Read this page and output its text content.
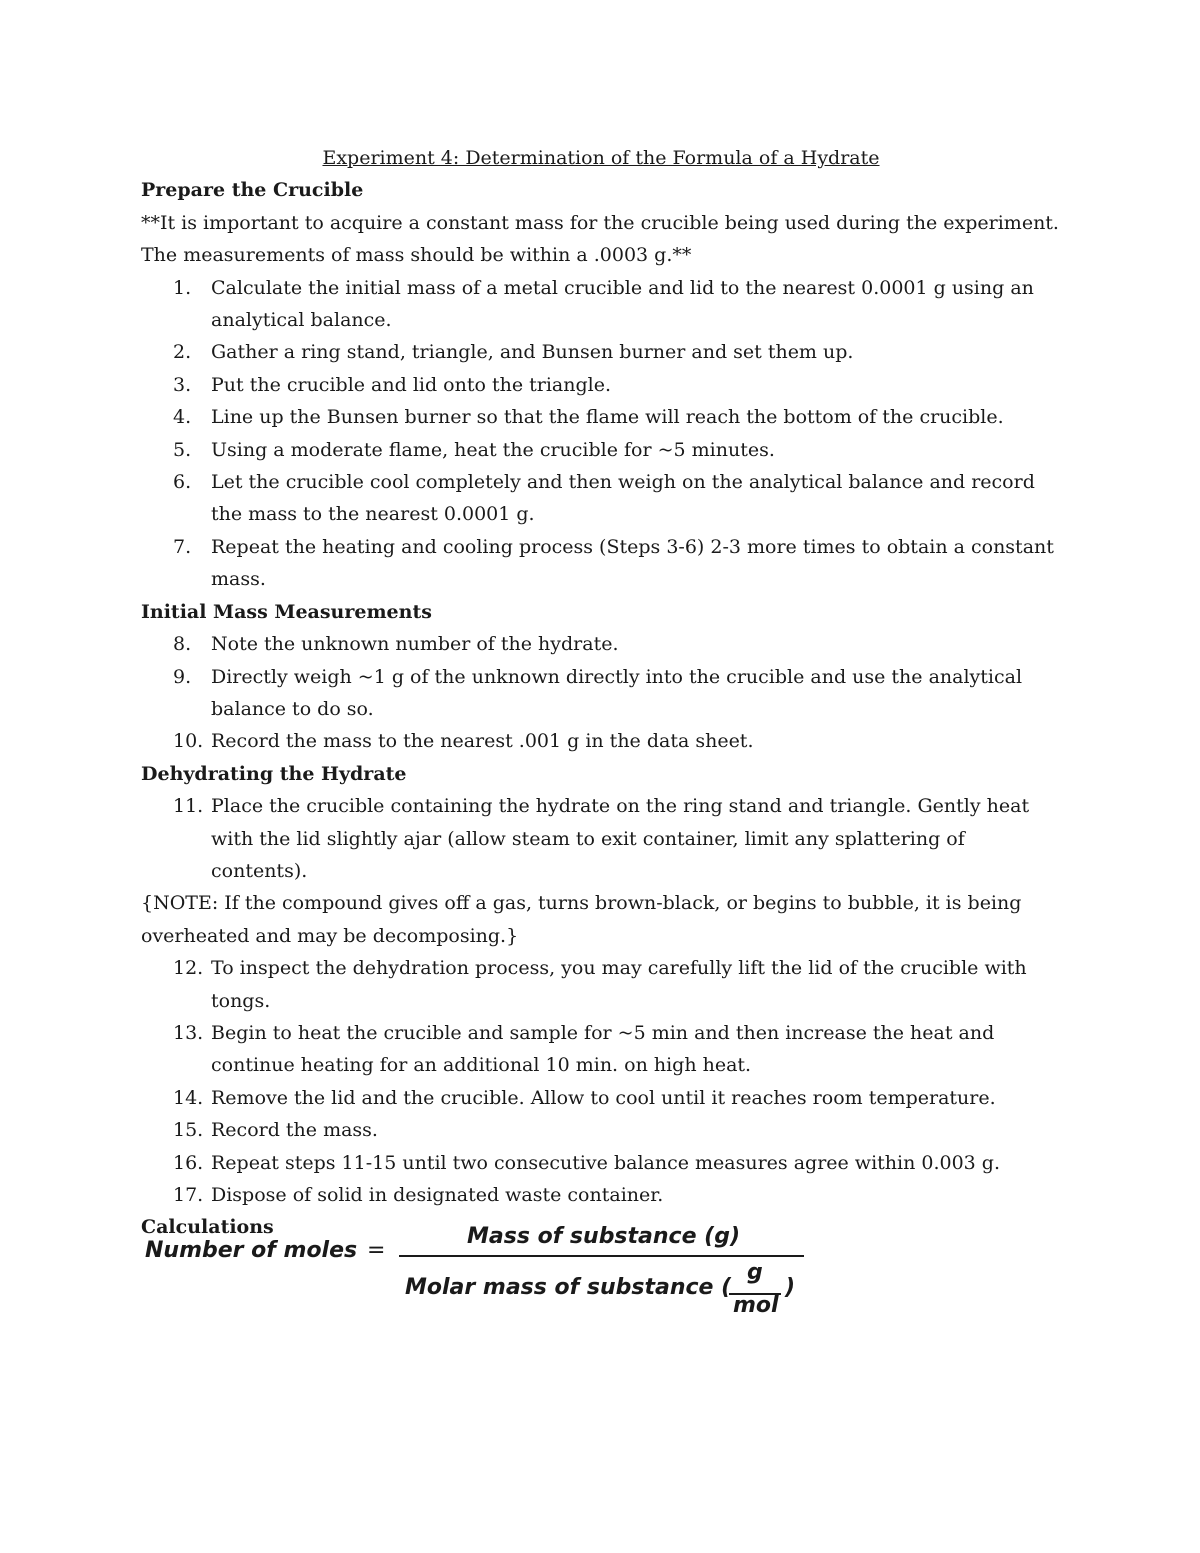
Experiment 4: Determination of the Formula of a Hydrate

Prepare the Crucible

**It is important to acquire a constant mass for the crucible being used during the experiment. The measurements of mass should be within a .0003 g.**

1. Calculate the initial mass of a metal crucible and lid to the nearest 0.0001 g using an analytical balance.
2. Gather a ring stand, triangle, and Bunsen burner and set them up.
3. Put the crucible and lid onto the triangle.
4. Line up the Bunsen burner so that the flame will reach the bottom of the crucible.
5. Using a moderate flame, heat the crucible for ~5 minutes.
6. Let the crucible cool completely and then weigh on the analytical balance and record the mass to the nearest 0.0001 g.
7. Repeat the heating and cooling process (Steps 3-6) 2-3 more times to obtain a constant mass.

Initial Mass Measurements

8. Note the unknown number of the hydrate.
9. Directly weigh ~1 g of the unknown directly into the crucible and use the analytical balance to do so.
10. Record the mass to the nearest .001 g in the data sheet.

Dehydrating the Hydrate

11. Place the crucible containing the hydrate on the ring stand and triangle. Gently heat with the lid slightly ajar (allow steam to exit container, limit any splattering of contents).

{NOTE: If the compound gives off a gas, turns brown-black, or begins to bubble, it is being overheated and may be decomposing.}

12. To inspect the dehydration process, you may carefully lift the lid of the crucible with tongs.
13. Begin to heat the crucible and sample for ~5 min and then increase the heat and continue heating for an additional 10 min. on high heat.
14. Remove the lid and the crucible. Allow to cool until it reaches room temperature.
15. Record the mass.
16. Repeat steps 11-15 until two consecutive balance measures agree within 0.003 g.
17. Dispose of solid in designated waste container.

Calculations

Number of moles =
Mass of substance (g)
Molar mass of substance (
g
mol
)
